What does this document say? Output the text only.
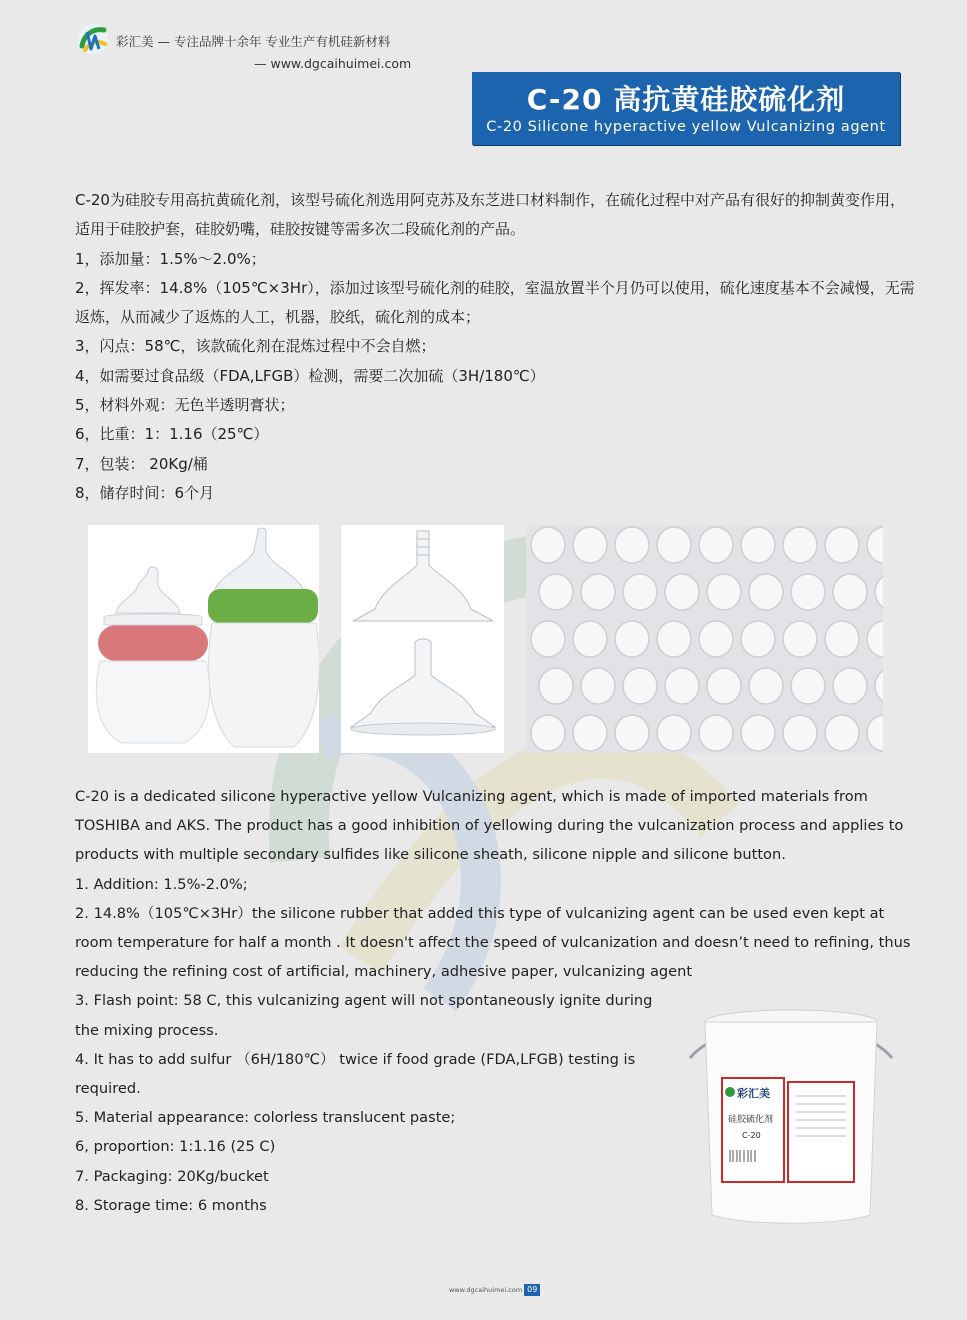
彩汇美 — 专注品牌十余年 专业生产有机硅新材料
— www.dgcaihuimei.com
C-20 高抗黄硅胶硫化剂
C-20 Silicone hyperactive yellow Vulcanizing agent

C-20为硅胶专用高抗黄硫化剂，该型号硫化剂选用阿克苏及东芝进口材料制作，在硫化过程中对产品有很好的抑制黄变作用，适用于硅胶护套，硅胶奶嘴，硅胶按键等需多次二段硫化剂的产品。

1，添加量：1.5%～2.0%；

2，挥发率：14.8%（105℃×3Hr），添加过该型号硫化剂的硅胶，室温放置半个月仍可以使用，硫化速度基本不会减慢，无需返炼，从而减少了返炼的人工，机器，胶纸，硫化剂的成本；

3，闪点：58℃，该款硫化剂在混炼过程中不会自燃；

4，如需要过食品级（FDA,LFGB）检测，需要二次加硫（3H/180℃）

5，材料外观：无色半透明膏状；

6，比重：1：1.16（25℃）

7，包装： 20Kg/桶

8，储存时间：6个月

C-20 is a dedicated silicone hyperactive yellow Vulcanizing agent, which is made of imported materials from TOSHIBA and AKS. The product has a good inhibition of yellowing during the vulcanization process and applies to products with multiple secondary sulfides like silicone sheath, silicone nipple and silicone button.

1. Addition: 1.5%-2.0%;

2. 14.8%（105℃×3Hr）the silicone rubber that added this type of vulcanizing agent can be used even kept at room temperature for half a month . It doesn't affect the speed of vulcanization and doesn’t need to refining, thus reducing the refining cost of artificial, machinery, adhesive paper, vulcanizing agent

3. Flash point: 58 C, this vulcanizing agent will not spontaneously ignite during the mixing process.

4. It has to add sulfur （6H/180℃） twice if food grade (FDA,LFGB) testing is required.

5. Material appearance: colorless translucent paste;

6, proportion: 1:1.16 (25 C)

7. Packaging: 20Kg/bucket

8. Storage time: 6 months

彩汇美
硅胶硫化剂
C-20
www.dgcaihuimei.com 09
